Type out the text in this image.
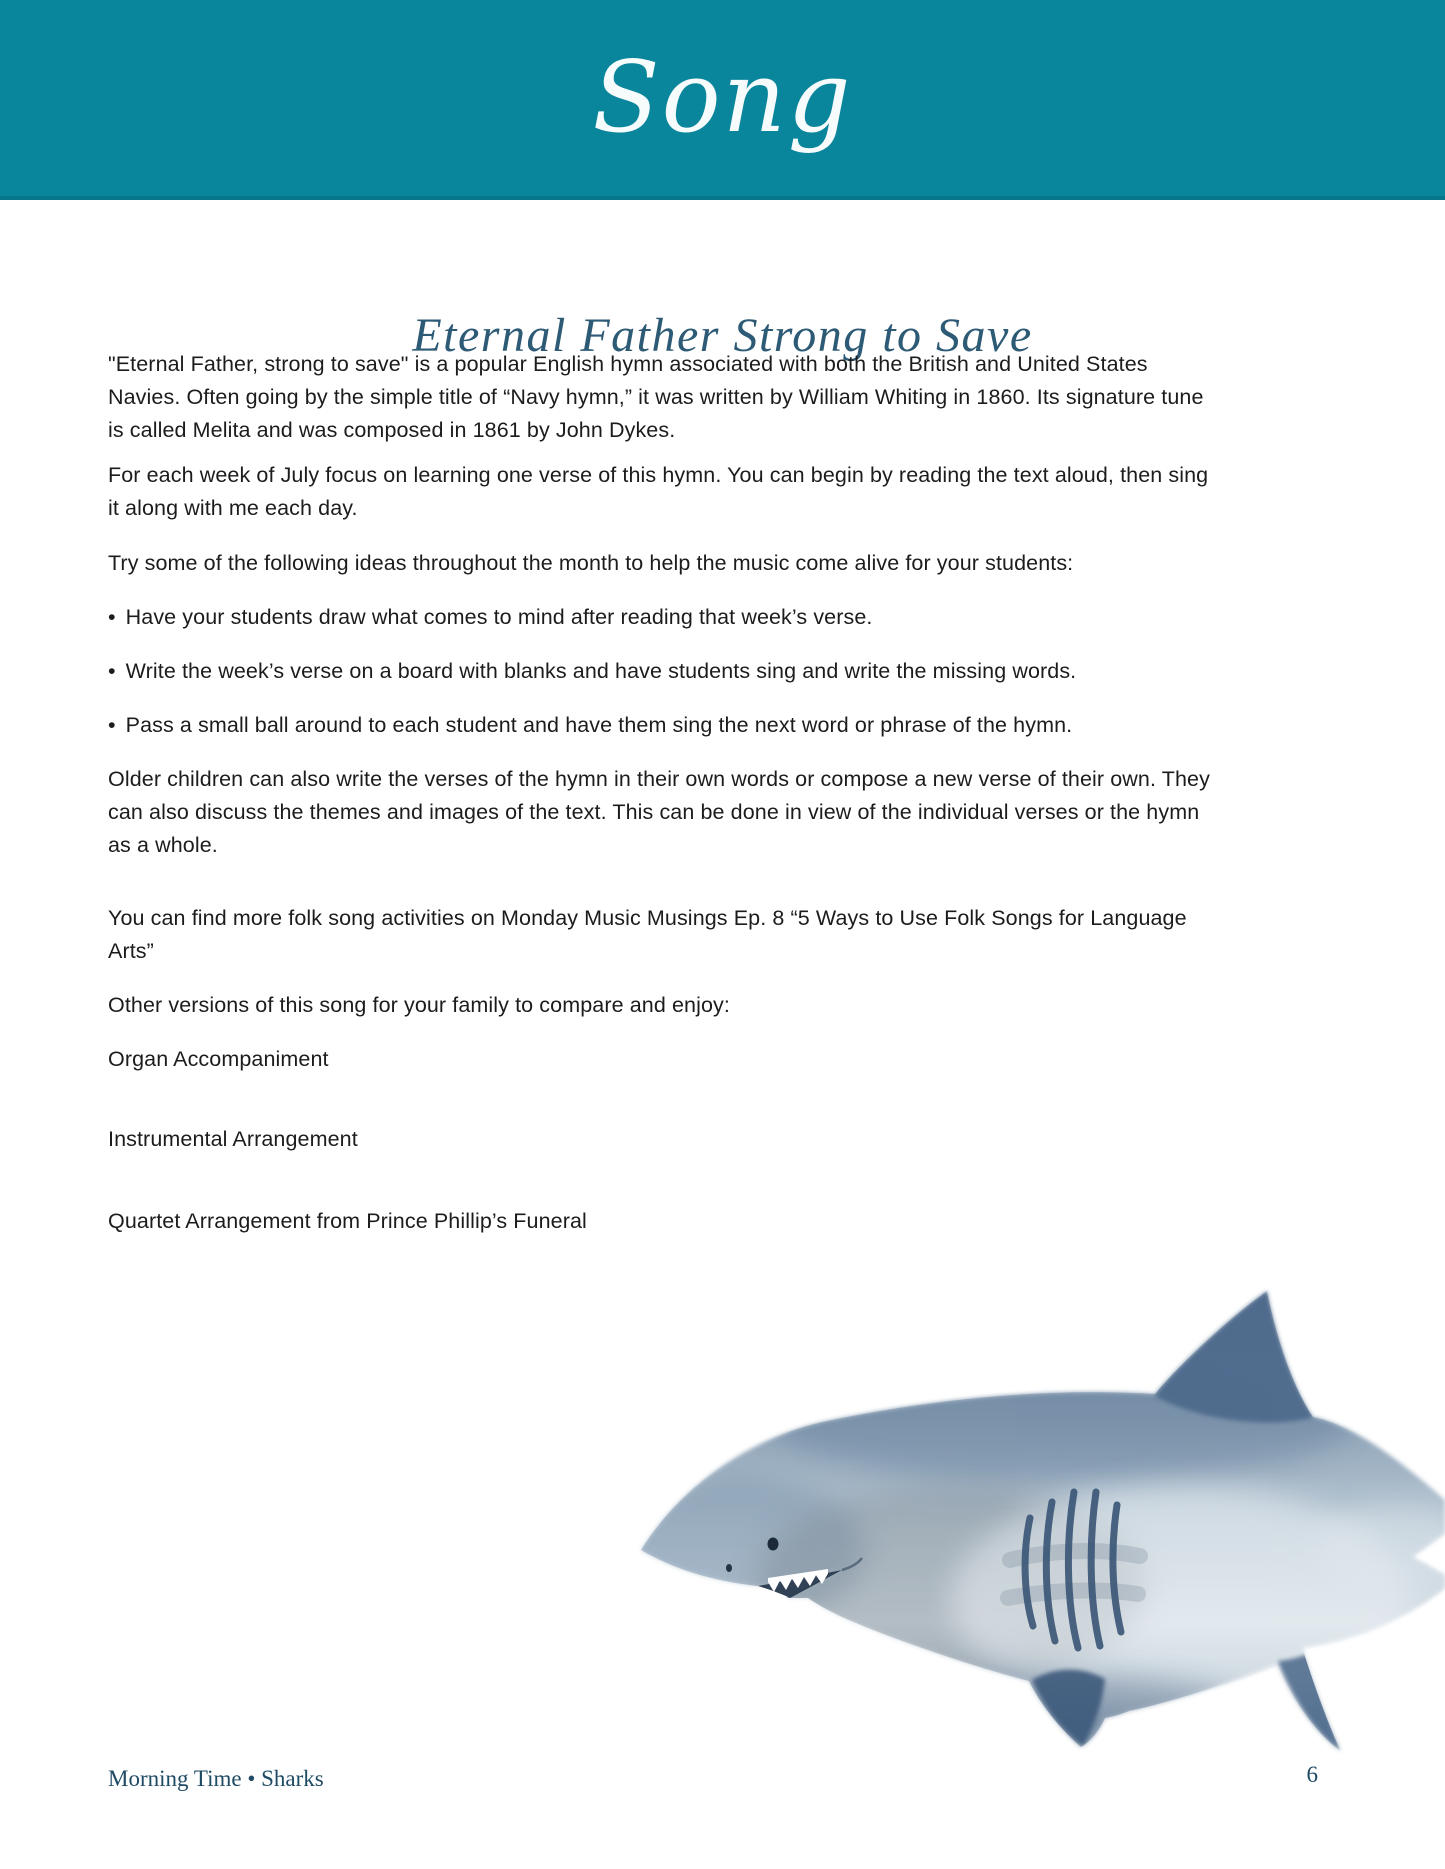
Song
Eternal Father Strong to Save
"Eternal Father, strong to save" is a popular English hymn associated with both the British and United States Navies. Often going by the simple title of “Navy hymn,” it was written by William Whiting in 1860. Its signature tune is called Melita and was composed in 1861 by John Dykes.
For each week of July focus on learning one verse of this hymn. You can begin by reading the text aloud, then sing it along with me each day.
Try some of the following ideas throughout the month to help the music come alive for your students:
• Have your students draw what comes to mind after reading that week’s verse.
• Write the week’s verse on a board with blanks and have students sing and write the missing words.
• Pass a small ball around to each student and have them sing the next word or phrase of the hymn.
Older children can also write the verses of the hymn in their own words or compose a new verse of their own. They can also discuss the themes and images of the text. This can be done in view of the individual verses or the hymn as a whole.
You can find more folk song activities on Monday Music Musings Ep. 8 “5 Ways to Use Folk Songs for Language Arts”
Other versions of this song for your family to compare and enjoy:
Organ Accompaniment
Instrumental Arrangement
Quartet Arrangement from Prince Phillip’s Funeral
Morning Time • Sharks	6
